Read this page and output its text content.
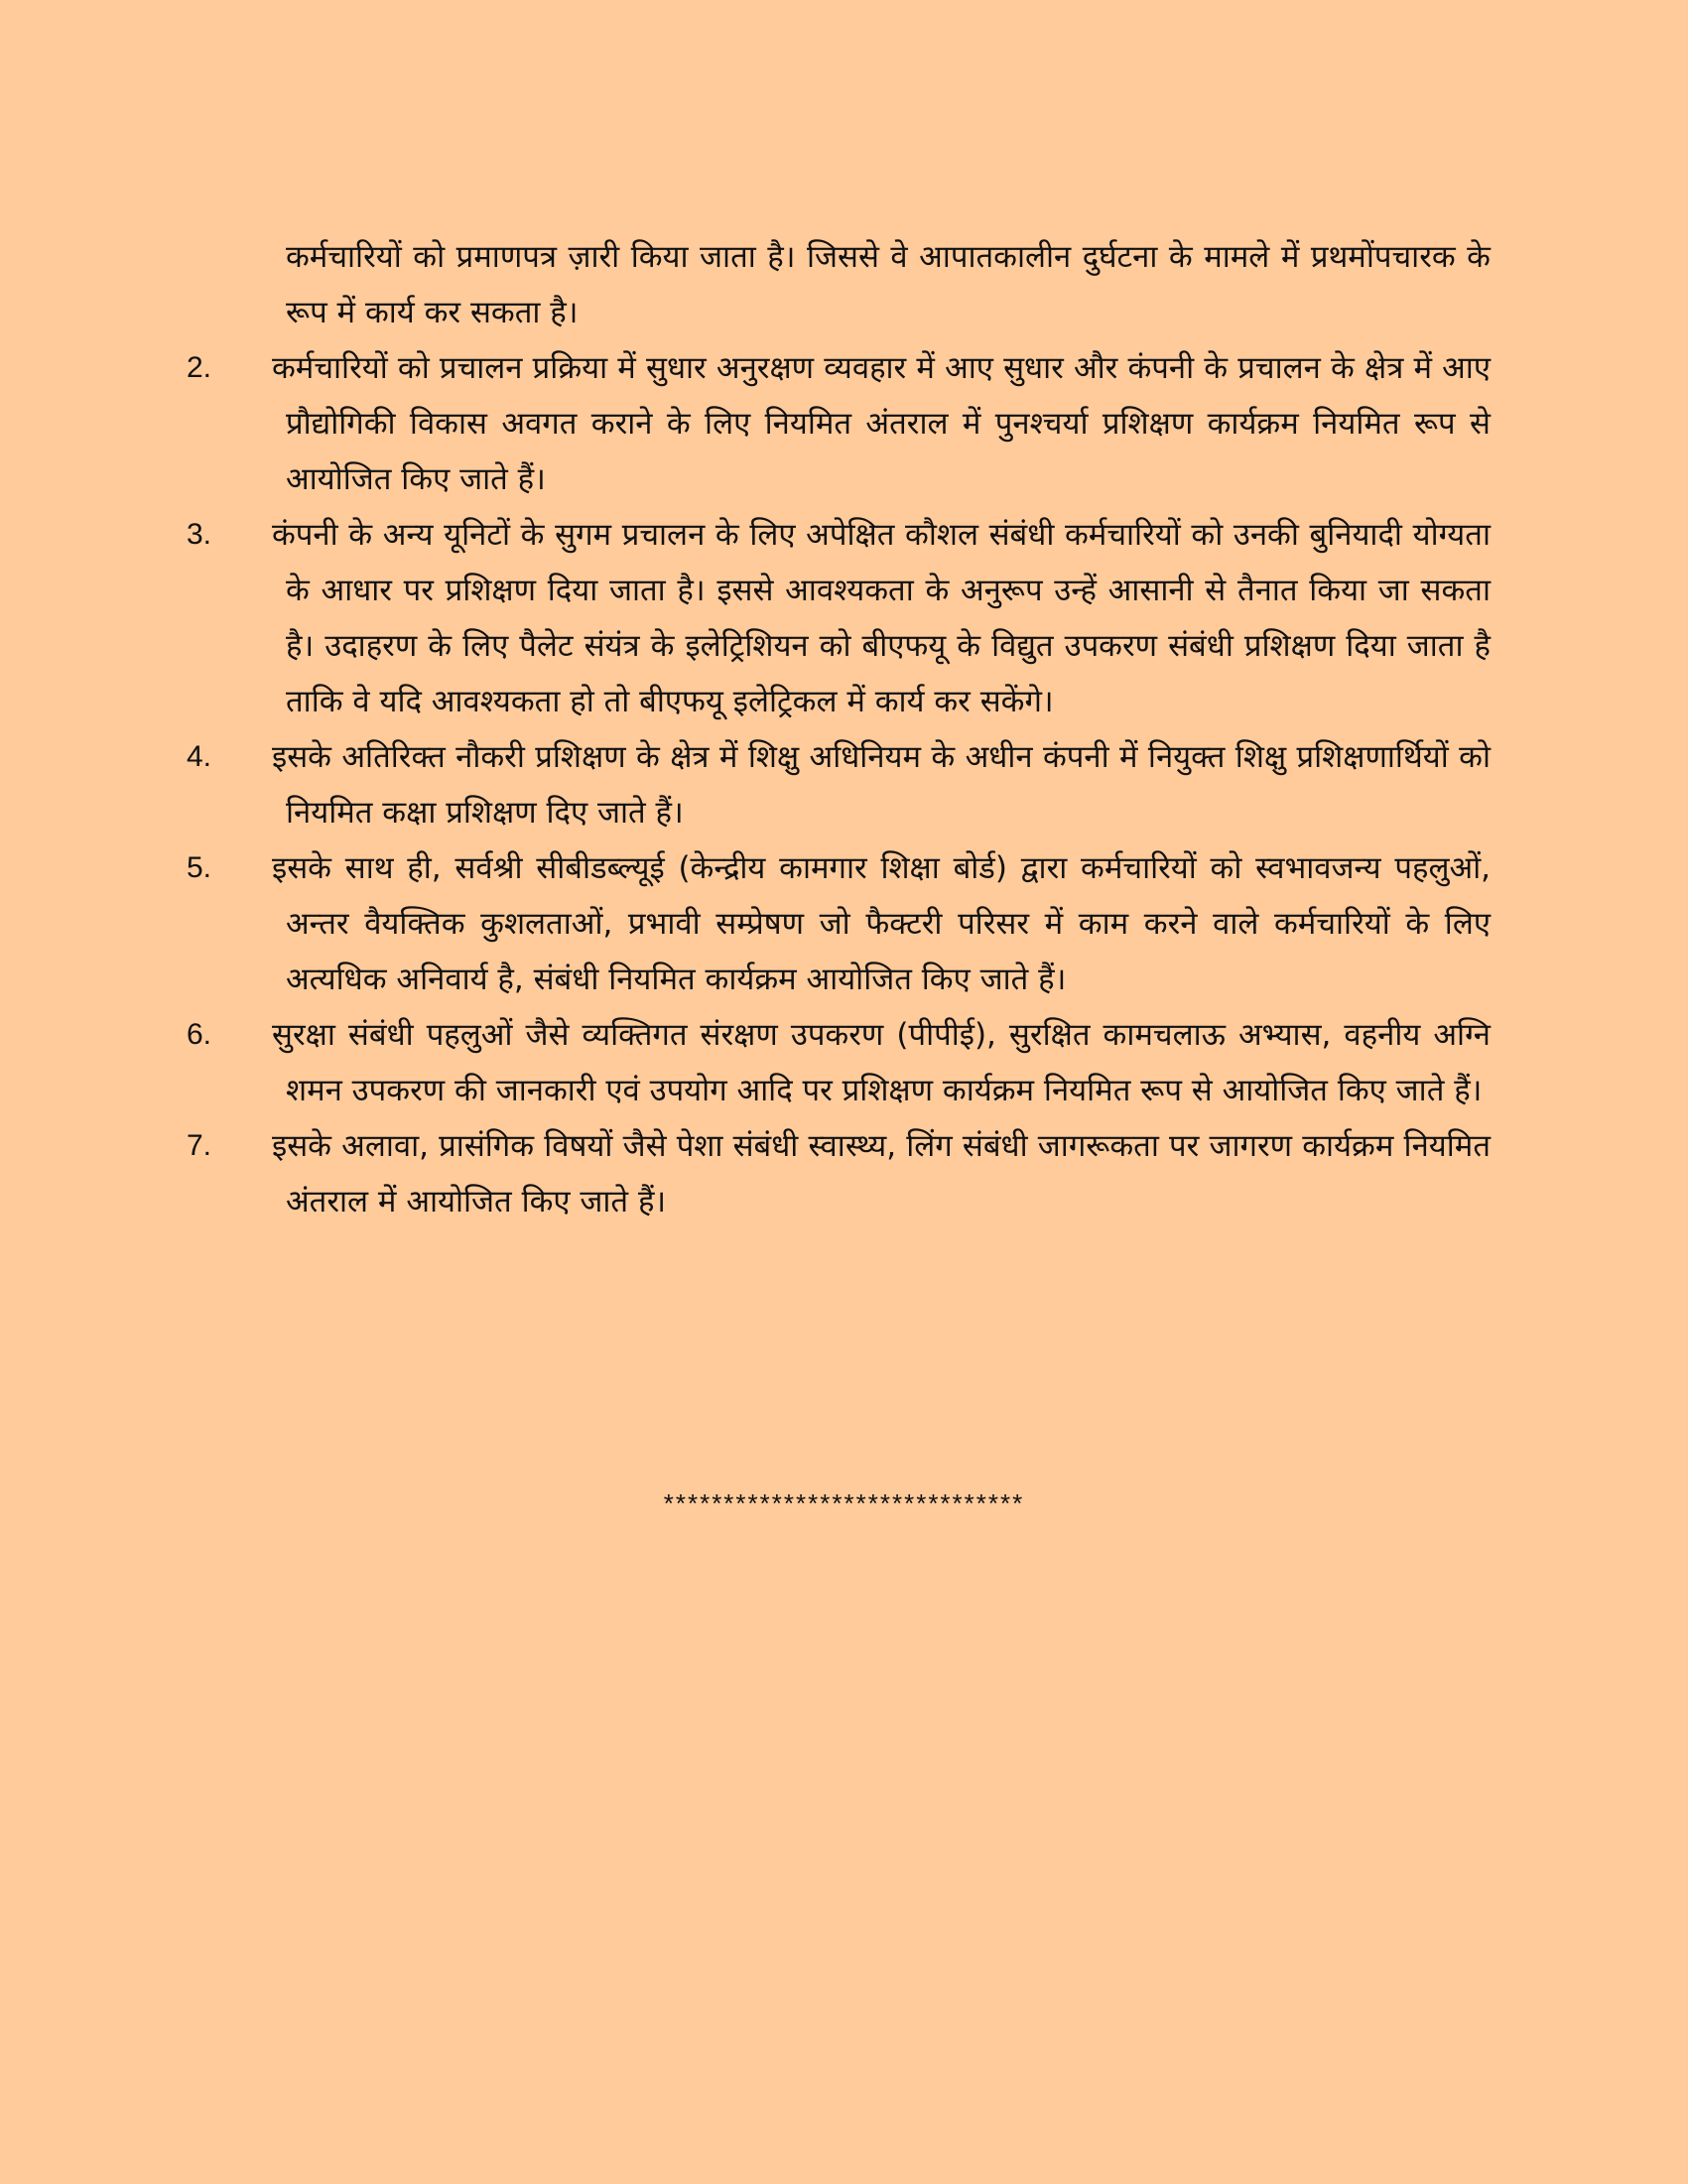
कर्मचारियों को प्रमाणपत्र ज़ारी किया जाता है। जिससे वे आपातकालीन दुर्घटना के मामले में प्रथमोंपचारक के रूप में कार्य कर सकता है।

2.	कर्मचारियों को प्रचालन प्रक्रिया में सुधार अनुरक्षण व्यवहार में आए सुधार और कंपनी के प्रचालन के क्षेत्र में आए प्रौद्योगिकी विकास अवगत कराने के लिए नियमित अंतराल में पुनश्चर्या प्रशिक्षण कार्यक्रम नियमित रूप से आयोजित किए जाते हैं।
3.	कंपनी के अन्य यूनिटों के सुगम प्रचालन के लिए अपेक्षित कौशल संबंधी कर्मचारियों को उनकी बुनियादी योग्यता के आधार पर प्रशिक्षण दिया जाता है। इससे आवश्यकता के अनुरूप उन्हें आसानी से तैनात किया जा सकता है। उदाहरण के लिए पैलेट संयंत्र के इलेट्रिशियन को बीएफयू के विद्युत उपकरण संबंधी प्रशिक्षण दिया जाता है ताकि वे यदि आवश्यकता हो तो बीएफयू इलेट्रिकल में कार्य कर सकेंगे।
4.	इसके अतिरिक्त नौकरी प्रशिक्षण के क्षेत्र में शिक्षु अधिनियम के अधीन कंपनी में नियुक्त शिक्षु प्रशिक्षणार्थियों को नियमित कक्षा प्रशिक्षण दिए जाते हैं।
5.	इसके साथ ही, सर्वश्री सीबीडब्ल्यूई (केन्द्रीय कामगार शिक्षा बोर्ड) द्वारा कर्मचारियों को स्वभावजन्य पहलुओं, अन्तर वैयक्तिक कुशलताओं, प्रभावी सम्प्रेषण जो फैक्टरी परिसर में काम करने वाले कर्मचारियों के लिए अत्यधिक अनिवार्य है, संबंधी नियमित कार्यक्रम आयोजित किए जाते हैं।
6.	सुरक्षा संबंधी पहलुओं जैसे व्यक्तिगत संरक्षण उपकरण (पीपीई), सुरक्षित कामचलाऊ अभ्यास, वहनीय अग्नि शमन उपकरण की जानकारी एवं उपयोग आदि पर प्रशिक्षण कार्यक्रम नियमित रूप से आयोजित किए जाते हैं।
7.	इसके अलावा, प्रासंगिक विषयों जैसे पेशा संबंधी स्वास्थ्य, लिंग संबंधी जागरूकता पर जागरण कार्यक्रम नियमित अंतराल में आयोजित किए जाते हैं।
******************************
